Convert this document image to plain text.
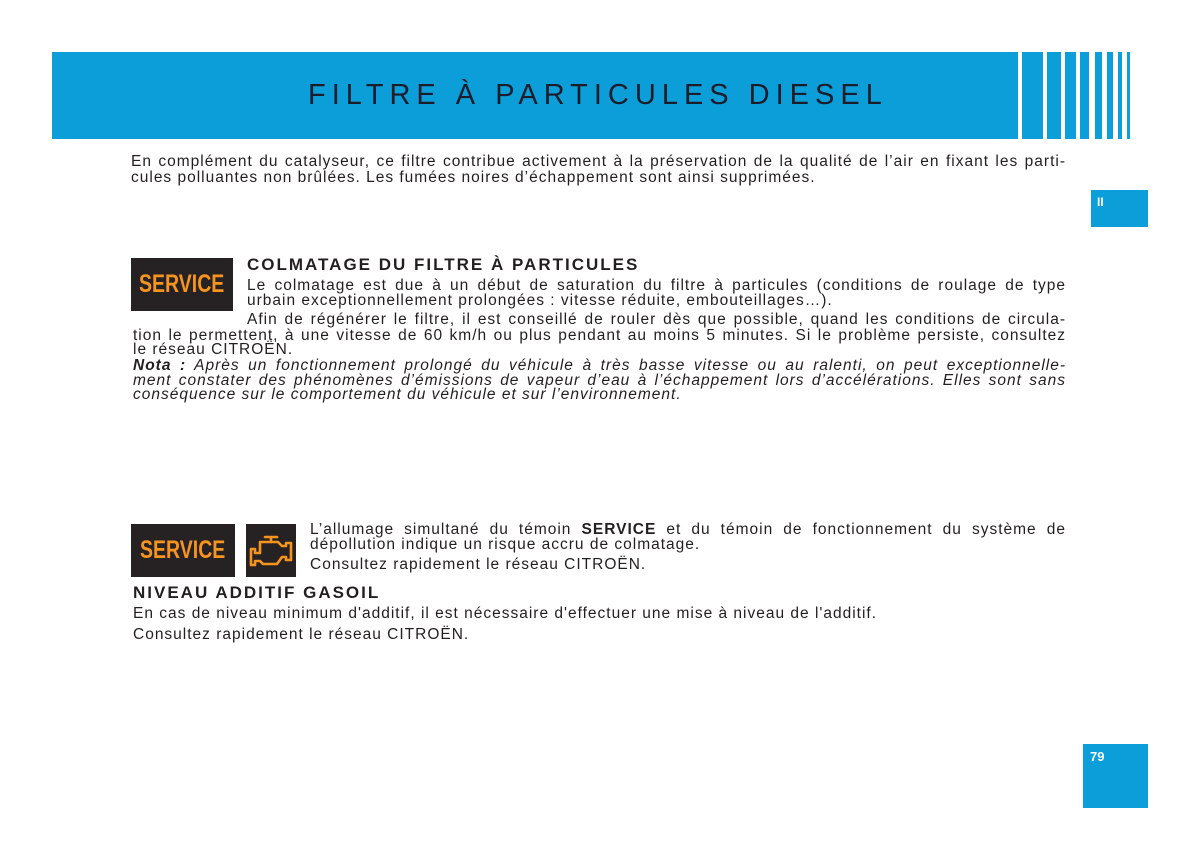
FILTRE À PARTICULES DIESEL
II
En complément du catalyseur, ce filtre contribue activement à la préservation de la qualité de l’air en fixant les parti-
cules polluantes non brûlées. Les fumées noires d’échappement sont ainsi supprimées.
SERVICE
COLMATAGE DU FILTRE À PARTICULES
Le colmatage est due à un début de saturation du filtre à particules (conditions de roulage de type
urbain exceptionnellement prolongées : vitesse réduite, embouteillages…).
Afin de régénérer le filtre, il est conseillé de rouler dès que possible, quand les conditions de circula-
tion le permettent, à une vitesse de 60 km/h ou plus pendant au moins 5 minutes. Si le problème persiste, consultez
le réseau CITROËN.
Nota : Après un fonctionnement prolongé du véhicule à très basse vitesse ou au ralenti, on peut exceptionnelle-
ment constater des phénomènes d’émissions de vapeur d’eau à l’échappement lors d’accélérations. Elles sont sans
conséquence sur le comportement du véhicule et sur l’environnement.
SERVICE
L’allumage simultané du témoin SERVICE et du témoin de fonctionnement du système de
dépollution indique un risque accru de colmatage.
Consultez rapidement le réseau CITROËN.
NIVEAU ADDITIF GASOIL
En cas de niveau minimum d'additif, il est nécessaire d'effectuer une mise à niveau de l'additif.
Consultez rapidement le réseau CITROËN.
79
